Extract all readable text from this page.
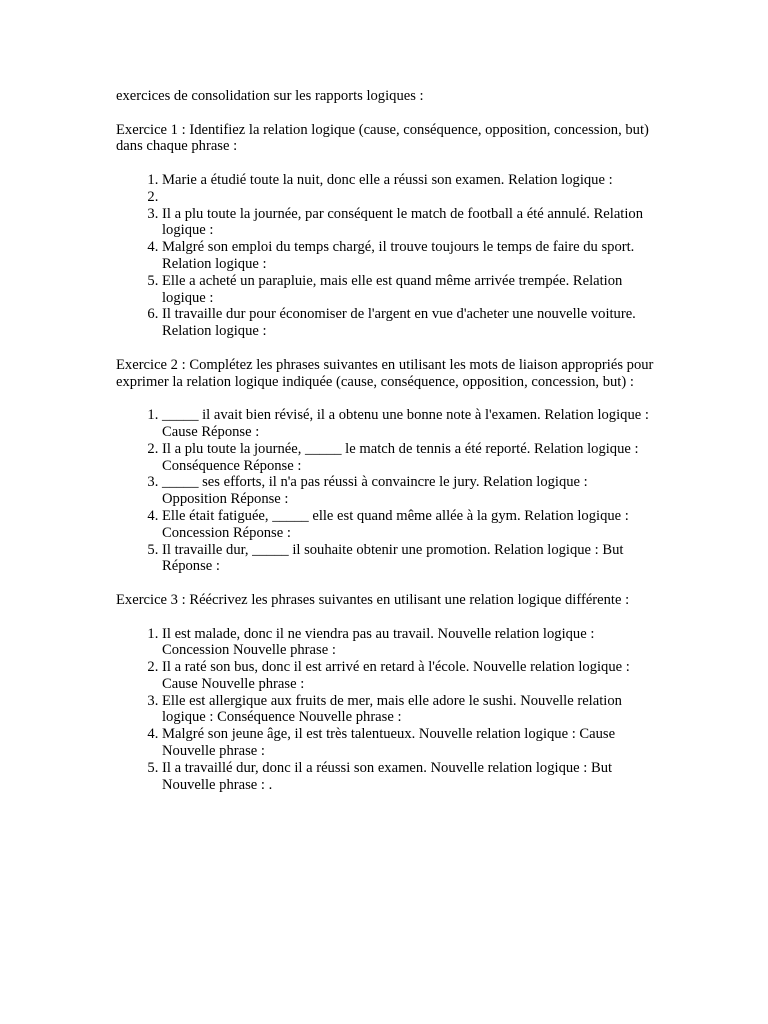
exercices de consolidation sur les rapports logiques :

Exercice 1 : Identifiez la relation logique (cause, conséquence, opposition, concession, but) dans chaque phrase :

1. Marie a étudié toute la nuit, donc elle a réussi son examen. Relation logique :
2.
3. Il a plu toute la journée, par conséquent le match de football a été annulé. Relation logique :
4. Malgré son emploi du temps chargé, il trouve toujours le temps de faire du sport. Relation logique :
5. Elle a acheté un parapluie, mais elle est quand même arrivée trempée. Relation logique :
6. Il travaille dur pour économiser de l'argent en vue d'acheter une nouvelle voiture. Relation logique :

Exercice 2 : Complétez les phrases suivantes en utilisant les mots de liaison appropriés pour exprimer la relation logique indiquée (cause, conséquence, opposition, concession, but) :

1. _____ il avait bien révisé, il a obtenu une bonne note à l'examen. Relation logique : Cause Réponse :
2. Il a plu toute la journée, _____ le match de tennis a été reporté. Relation logique : Conséquence Réponse :
3. _____ ses efforts, il n'a pas réussi à convaincre le jury. Relation logique : Opposition Réponse :
4. Elle était fatiguée, _____ elle est quand même allée à la gym. Relation logique : Concession Réponse :
5. Il travaille dur, _____ il souhaite obtenir une promotion. Relation logique : But Réponse :

Exercice 3 : Réécrivez les phrases suivantes en utilisant une relation logique différente :

1. Il est malade, donc il ne viendra pas au travail. Nouvelle relation logique : Concession Nouvelle phrase :
2. Il a raté son bus, donc il est arrivé en retard à l'école. Nouvelle relation logique : Cause Nouvelle phrase :
3. Elle est allergique aux fruits de mer, mais elle adore le sushi. Nouvelle relation logique : Conséquence Nouvelle phrase :
4. Malgré son jeune âge, il est très talentueux. Nouvelle relation logique : Cause Nouvelle phrase :
5. Il a travaillé dur, donc il a réussi son examen. Nouvelle relation logique : But Nouvelle phrase : .
